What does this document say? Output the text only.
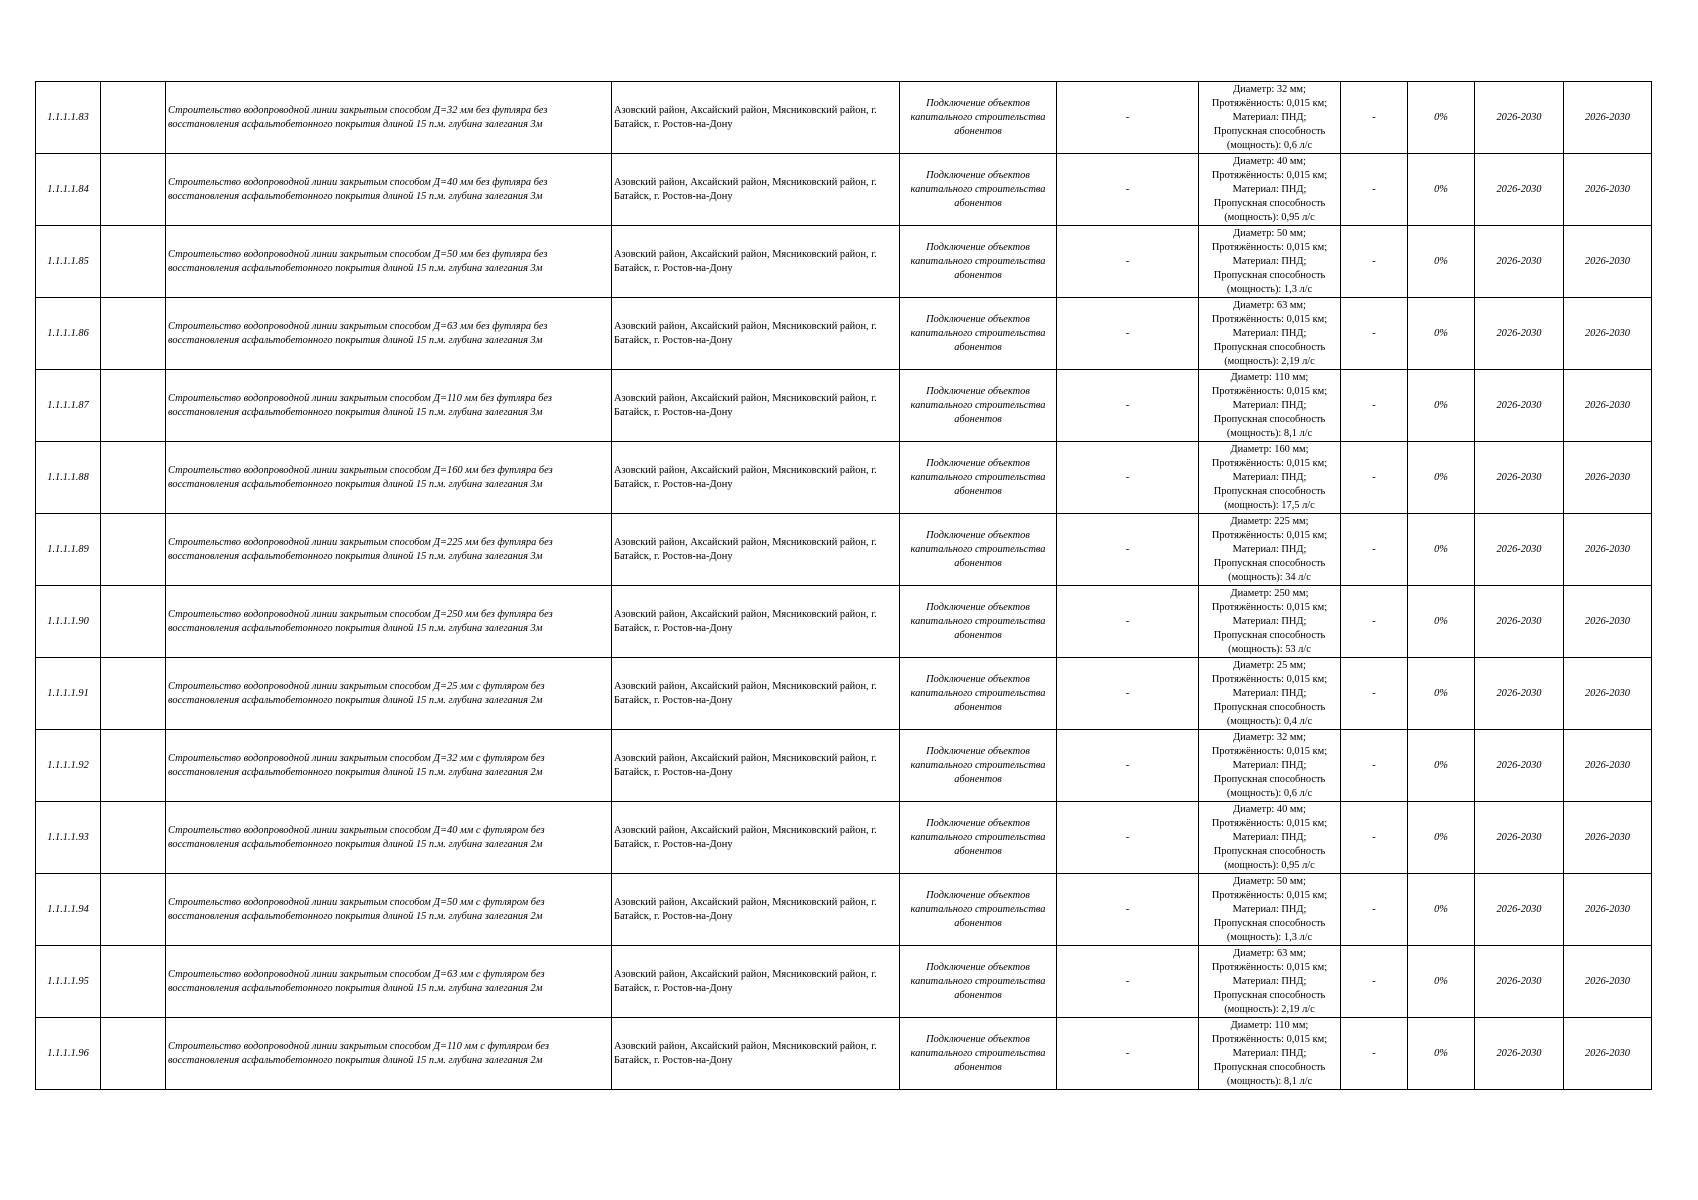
1.1.1.1.83		Строительство водопроводной линии закрытым способом Д=32 мм без футляра без восстановления асфальтобетонного покрытия длиной 15 п.м. глубина залегания 3м	Азовский район, Аксайский район, Мясниковский район, г. Батайск, г. Ростов-на-Дону	Подключение объектов капитального строительства абонентов	-	Диаметр: 32 мм;
Протяжённость: 0,015 км;
Материал: ПНД;
Пропускная способность
(мощность): 0,6 л/с	-	0%	2026-2030	2026-2030
1.1.1.1.84		Строительство водопроводной линии закрытым способом Д=40 мм без футляра без восстановления асфальтобетонного покрытия длиной 15 п.м. глубина залегания 3м	Азовский район, Аксайский район, Мясниковский район, г. Батайск, г. Ростов-на-Дону	Подключение объектов капитального строительства абонентов	-	Диаметр: 40 мм;
Протяжённость: 0,015 км;
Материал: ПНД;
Пропускная способность
(мощность): 0,95 л/с	-	0%	2026-2030	2026-2030
1.1.1.1.85		Строительство водопроводной линии закрытым способом Д=50 мм без футляра без восстановления асфальтобетонного покрытия длиной 15 п.м. глубина залегания 3м	Азовский район, Аксайский район, Мясниковский район, г. Батайск, г. Ростов-на-Дону	Подключение объектов капитального строительства абонентов	-	Диаметр: 50 мм;
Протяжённость: 0,015 км;
Материал: ПНД;
Пропускная способность
(мощность): 1,3 л/с	-	0%	2026-2030	2026-2030
1.1.1.1.86		Строительство водопроводной линии закрытым способом Д=63 мм без футляра без восстановления асфальтобетонного покрытия длиной 15 п.м. глубина залегания 3м	Азовский район, Аксайский район, Мясниковский район, г. Батайск, г. Ростов-на-Дону	Подключение объектов капитального строительства абонентов	-	Диаметр: 63 мм;
Протяжённость: 0,015 км;
Материал: ПНД;
Пропускная способность
(мощность): 2,19 л/с	-	0%	2026-2030	2026-2030
1.1.1.1.87		Строительство водопроводной линии закрытым способом Д=110 мм без футляра без восстановления асфальтобетонного покрытия длиной 15 п.м. глубина залегания 3м	Азовский район, Аксайский район, Мясниковский район, г. Батайск, г. Ростов-на-Дону	Подключение объектов капитального строительства абонентов	-	Диаметр: 110 мм;
Протяжённость: 0,015 км;
Материал: ПНД;
Пропускная способность
(мощность): 8,1 л/с	-	0%	2026-2030	2026-2030
1.1.1.1.88		Строительство водопроводной линии закрытым способом Д=160 мм без футляра без восстановления асфальтобетонного покрытия длиной 15 п.м. глубина залегания 3м	Азовский район, Аксайский район, Мясниковский район, г. Батайск, г. Ростов-на-Дону	Подключение объектов капитального строительства абонентов	-	Диаметр: 160 мм;
Протяжённость: 0,015 км;
Материал: ПНД;
Пропускная способность
(мощность): 17,5 л/с	-	0%	2026-2030	2026-2030
1.1.1.1.89		Строительство водопроводной линии закрытым способом Д=225 мм без футляра без восстановления асфальтобетонного покрытия длиной 15 п.м. глубина залегания 3м	Азовский район, Аксайский район, Мясниковский район, г. Батайск, г. Ростов-на-Дону	Подключение объектов капитального строительства абонентов	-	Диаметр: 225 мм;
Протяжённость: 0,015 км;
Материал: ПНД;
Пропускная способность
(мощность): 34 л/с	-	0%	2026-2030	2026-2030
1.1.1.1.90		Строительство водопроводной линии закрытым способом Д=250 мм без футляра без восстановления асфальтобетонного покрытия длиной 15 п.м. глубина залегания 3м	Азовский район, Аксайский район, Мясниковский район, г. Батайск, г. Ростов-на-Дону	Подключение объектов капитального строительства абонентов	-	Диаметр: 250 мм;
Протяжённость: 0,015 км;
Материал: ПНД;
Пропускная способность
(мощность): 53 л/с	-	0%	2026-2030	2026-2030
1.1.1.1.91		Строительство водопроводной линии закрытым способом Д=25 мм с футляром без восстановления асфальтобетонного покрытия длиной 15 п.м. глубина залегания 2м	Азовский район, Аксайский район, Мясниковский район, г. Батайск, г. Ростов-на-Дону	Подключение объектов капитального строительства абонентов	-	Диаметр: 25 мм;
Протяжённость: 0,015 км;
Материал: ПНД;
Пропускная способность
(мощность): 0,4 л/с	-	0%	2026-2030	2026-2030
1.1.1.1.92		Строительство водопроводной линии закрытым способом Д=32 мм с футляром без восстановления асфальтобетонного покрытия длиной 15 п.м. глубина залегания 2м	Азовский район, Аксайский район, Мясниковский район, г. Батайск, г. Ростов-на-Дону	Подключение объектов капитального строительства абонентов	-	Диаметр: 32 мм;
Протяжённость: 0,015 км;
Материал: ПНД;
Пропускная способность
(мощность): 0,6 л/с	-	0%	2026-2030	2026-2030
1.1.1.1.93		Строительство водопроводной линии закрытым способом Д=40 мм с футляром без восстановления асфальтобетонного покрытия длиной 15 п.м. глубина залегания 2м	Азовский район, Аксайский район, Мясниковский район, г. Батайск, г. Ростов-на-Дону	Подключение объектов капитального строительства абонентов	-	Диаметр: 40 мм;
Протяжённость: 0,015 км;
Материал: ПНД;
Пропускная способность
(мощность): 0,95 л/с	-	0%	2026-2030	2026-2030
1.1.1.1.94		Строительство водопроводной линии закрытым способом Д=50 мм с футляром без восстановления асфальтобетонного покрытия длиной 15 п.м. глубина залегания 2м	Азовский район, Аксайский район, Мясниковский район, г. Батайск, г. Ростов-на-Дону	Подключение объектов капитального строительства абонентов	-	Диаметр: 50 мм;
Протяжённость: 0,015 км;
Материал: ПНД;
Пропускная способность
(мощность): 1,3 л/с	-	0%	2026-2030	2026-2030
1.1.1.1.95		Строительство водопроводной линии закрытым способом Д=63 мм с футляром без восстановления асфальтобетонного покрытия длиной 15 п.м. глубина залегания 2м	Азовский район, Аксайский район, Мясниковский район, г. Батайск, г. Ростов-на-Дону	Подключение объектов капитального строительства абонентов	-	Диаметр: 63 мм;
Протяжённость: 0,015 км;
Материал: ПНД;
Пропускная способность
(мощность): 2,19 л/с	-	0%	2026-2030	2026-2030
1.1.1.1.96		Строительство водопроводной линии закрытым способом Д=110 мм с футляром без восстановления асфальтобетонного покрытия длиной 15 п.м. глубина залегания 2м	Азовский район, Аксайский район, Мясниковский район, г. Батайск, г. Ростов-на-Дону	Подключение объектов капитального строительства абонентов	-	Диаметр: 110 мм;
Протяжённость: 0,015 км;
Материал: ПНД;
Пропускная способность
(мощность): 8,1 л/с	-	0%	2026-2030	2026-2030
